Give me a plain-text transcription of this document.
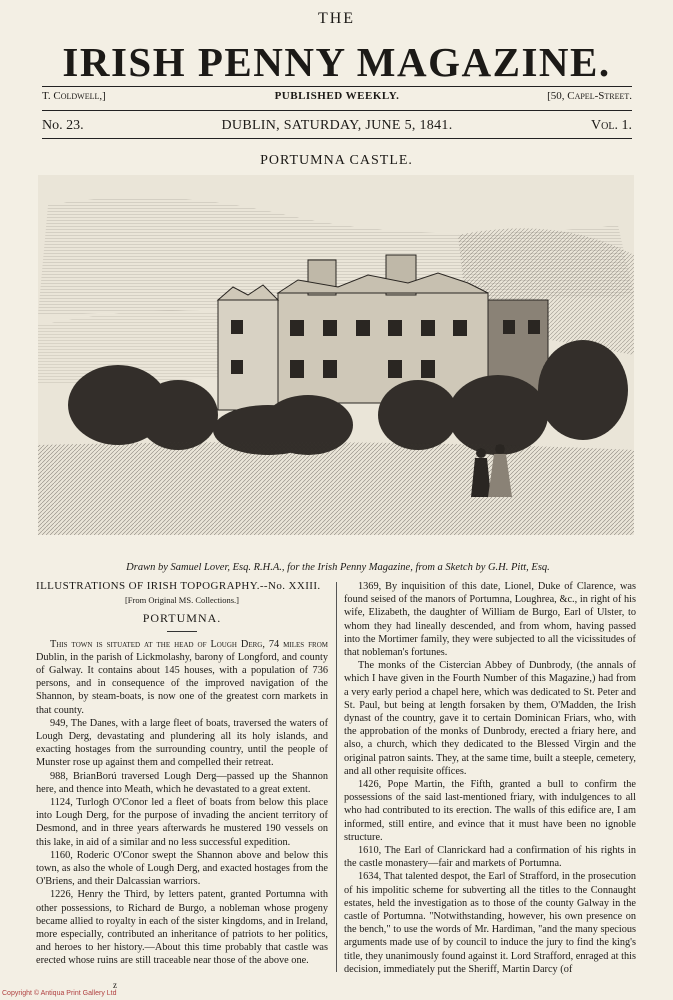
THE
IRISH PENNY MAGAZINE.
T. Coldwell,]	PUBLISHED WEEKLY.	[50, Capel-Street.
No. 23.	DUBLIN, SATURDAY, JUNE 5, 1841.	Vol. 1.
PORTUMNA CASTLE.
Drawn by Samuel Lover, Esq. R.H.A., for the Irish Penny Magazine, from a Sketch by G.H. Pitt, Esq.
ILLUSTRATIONS OF IRISH TOPOGRAPHY.--No. XXIII.
[From Original MS. Collections.]
PORTUMNA.

This town is situated at the head of Lough Derg, 74 miles from Dublin, in the parish of Lickmolashy, barony of Longford, and county of Galway. It contains about 145 houses, with a population of 736 persons, and in consequence of the improved navigation of the Shannon, by steam-boats, is now one of the greatest corn markets in that county.

949, The Danes, with a large fleet of boats, traversed the waters of Lough Derg, devastating and plundering all its holy islands, and exacting hostages from the surrounding country, until the people of Munster rose up against them and compelled their retreat.

988, BrianBorú traversed Lough Derg—passed up the Shannon here, and thence into Meath, which he devastated to a great extent.

1124, Turlogh O'Conor led a fleet of boats from below this place into Lough Derg, for the purpose of invading the ancient territory of Desmond, and in three years afterwards he mustered 190 vessels on this lake, in aid of a similar and no less successful expedition.

1160, Roderic O'Conor swept the Shannon above and below this town, as also the whole of Lough Derg, and exacted hostages from the O'Briens, and their Dalcassian warriors.

1226, Henry the Third, by letters patent, granted Portumna with other possessions, to Richard de Burgo, a nobleman whose progeny became allied to royalty in each of the sister kingdoms, and in Ireland, more especially, contributed an inheritance of patriots to her politics, and heroes to her history.—About this time probably that castle was erected whose ruins are still traceable near those of the above one.

1369, By inquisition of this date, Lionel, Duke of Clarence, was found seised of the manors of Portumna, Loughrea, &c., in right of his wife, Elizabeth, the daughter of William de Burgo, Earl of Ulster, to whom they had lineally descended, and from whom, having passed into the Mortimer family, they were subjected to all the vicissitudes of that nobleman's fortunes.

The monks of the Cistercian Abbey of Dunbrody, (the annals of which I have given in the Fourth Number of this Magazine,) had from a very early period a chapel here, which was dedicated to St. Peter and St. Paul, but being at length forsaken by them, O'Madden, the Irish dynast of the country, gave it to certain Dominican Friars, who, with the approbation of the monks of Dunbrody, erected a friary here, and also, a church, which they dedicated to the Blessed Virgin and the original patron saints. They, at the same time, built a steeple, cemetery, and all other requisite offices.

1426, Pope Martin, the Fifth, granted a bull to confirm the possessions of the said last-mentioned friary, with indulgences to all who had contributed to its erection. The walls of this edifice are, I am informed, still entire, and evince that it must have been no ignoble structure.

1610, The Earl of Clanrickard had a confirmation of his rights in the castle monastery—fair and markets of Portumna.

1634, That talented despot, the Earl of Strafford, in the prosecution of his impolitic scheme for subverting all the titles to the Connaught estates, held the investigation as to those of the county Galway in the castle of Portumna. "Notwithstanding, however, his own presence on the bench," to use the words of Mr. Hardiman, "and the many specious arguments made use of by council to induce the jury to find the king's title, they unanimously found against it. Lord Strafford, enraged at this decision, immediately put the Sheriff, Martin Darcy (of

z
Copyright © Antiqua Print Gallery Ltd
